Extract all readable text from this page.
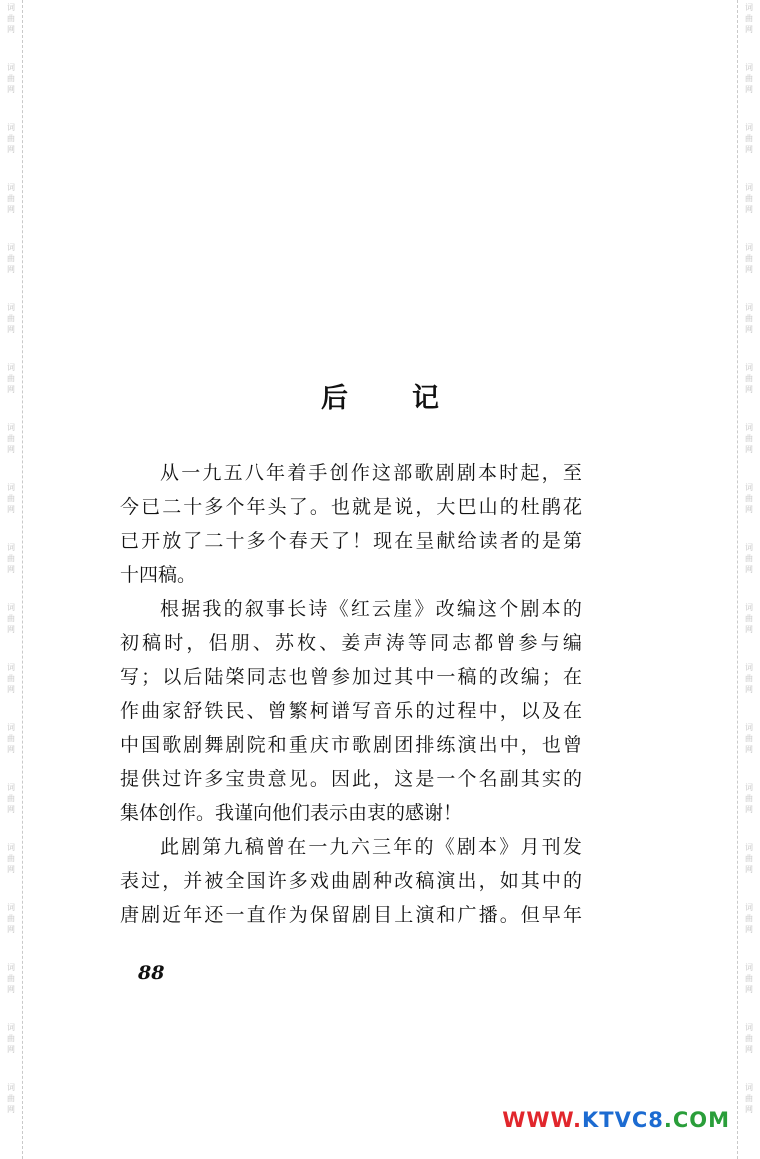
后 记
从 一 九 五 八 年 着 手 创 作 这 部 歌 剧 剧 本 时 起 ， 至
今 已 二 十 多 个 年 头 了 。 也 就 是 说 ， 大 巴 山 的 杜 鹃 花
已 开 放 了 二 十 多 个 春 天 了 ！ 现 在 呈 献 给 读 者 的 是 第
十四稿。
根 据 我 的 叙 事 长 诗 《 红 云 崖 》 改 编 这 个 剧 本 的
初 稿 时 ， 侣 朋 、 苏 枚 、 姜 声 涛 等 同 志 都 曾 参 与 编
写 ； 以 后 陆 棨 同 志 也 曾 参 加 过 其 中 一 稿 的 改 编 ； 在
作 曲 家 舒 铁 民 、 曾 繁 柯 谱 写 音 乐 的 过 程 中 ， 以 及 在
中 国 歌 剧 舞 剧 院 和 重 庆 市 歌 剧 团 排 练 演 出 中 ， 也 曾
提 供 过 许 多 宝 贵 意 见 。 因 此 ， 这 是 一 个 名 副 其 实 的
集体创作。我谨向他们表示由衷的感谢！
此 剧 第 九 稿 曾 在 一 九 六 三 年 的 《 剧 本 》 月 刊 发
表 过 ， 并 被 全 国 许 多 戏 曲 剧 种 改 稿 演 出 ， 如 其 中 的
唐 剧 近 年 还 一 直 作 为 保 留 剧 目 上 演 和 广 播 。 但 早 年
88
WWW.KTVC8.COM
词
曲
网
词
曲
网
词
曲
网
词
曲
网
词
曲
网
词
曲
网
词
曲
网
词
曲
网
词
曲
网
词
曲
网
词
曲
网
词
曲
网
词
曲
网
词
曲
网
词
曲
网
词
曲
网
词
曲
网
词
曲
网
词
曲
网
词
曲
网
词
曲
网
词
曲
网
词
曲
网
词
曲
网
词
曲
网
词
曲
网
词
曲
网
词
曲
网
词
曲
网
词
曲
网
词
曲
网
词
曲
网
词
曲
网
词
曲
网
词
曲
网
词
曲
网
词
曲
网
词
曲
网
